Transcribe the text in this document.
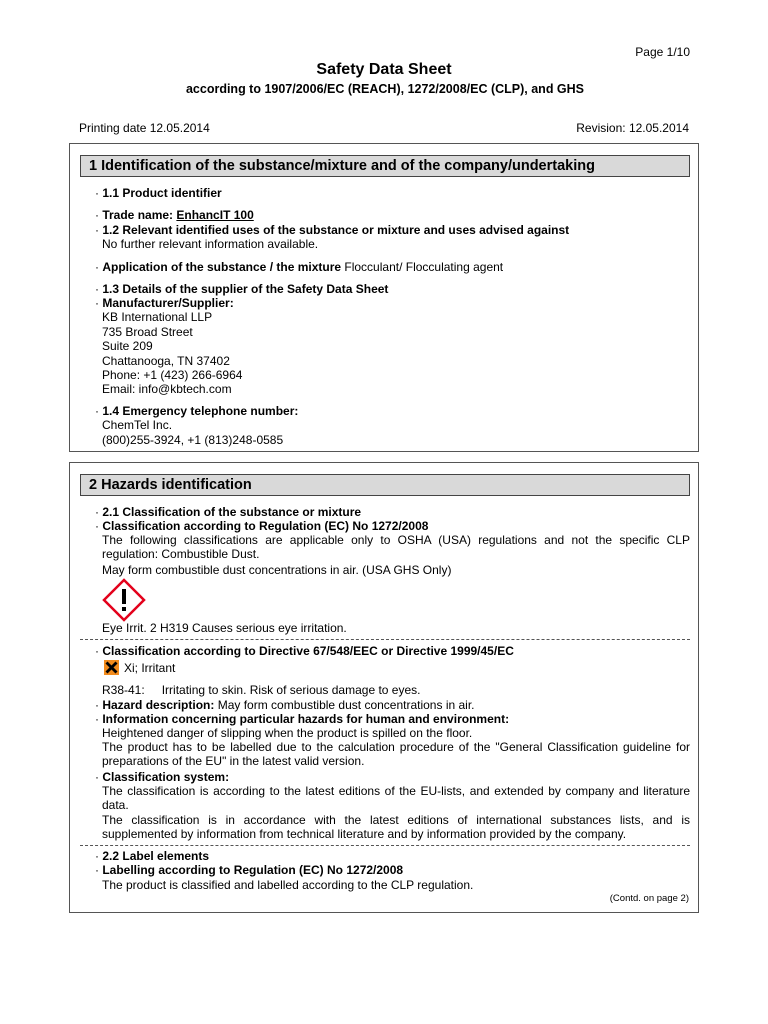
Page 1/10
Safety Data Sheet
according to 1907/2006/EC (REACH), 1272/2008/EC (CLP), and GHS
Printing date 12.05.2014	Revision: 12.05.2014
1 Identification of the substance/mixture and of the company/undertaking
· 1.1 Product identifier
· Trade name: EnhancIT 100
· 1.2 Relevant identified uses of the substance or mixture and uses advised against
No further relevant information available.
· Application of the substance / the mixture Flocculant/ Flocculating agent
· 1.3 Details of the supplier of the Safety Data Sheet
· Manufacturer/Supplier:
KB International LLP
735 Broad Street
Suite 209
Chattanooga, TN 37402
Phone: +1 (423) 266-6964
Email: info@kbtech.com
· 1.4 Emergency telephone number:
ChemTel Inc.
(800)255-3924, +1 (813)248-0585
2 Hazards identification
· 2.1 Classification of the substance or mixture
· Classification according to Regulation (EC) No 1272/2008
The following classifications are applicable only to OSHA (USA) regulations and not the specific CLP regulation: Combustible Dust.
May form combustible dust concentrations in air. (USA GHS Only)
Eye Irrit. 2 H319 Causes serious eye irritation.
· Classification according to Directive 67/548/EEC or Directive 1999/45/EC
Xi; Irritant
R38-41: Irritating to skin. Risk of serious damage to eyes.
· Hazard description: May form combustible dust concentrations in air.
· Information concerning particular hazards for human and environment:
Heightened danger of slipping when the product is spilled on the floor.
The product has to be labelled due to the calculation procedure of the "General Classification guideline for preparations of the EU" in the latest valid version.
· Classification system:
The classification is according to the latest editions of the EU-lists, and extended by company and literature data.
The classification is in accordance with the latest editions of international substances lists, and is supplemented by information from technical literature and by information provided by the company.
· 2.2 Label elements
· Labelling according to Regulation (EC) No 1272/2008
The product is classified and labelled according to the CLP regulation.
(Contd. on page 2)
